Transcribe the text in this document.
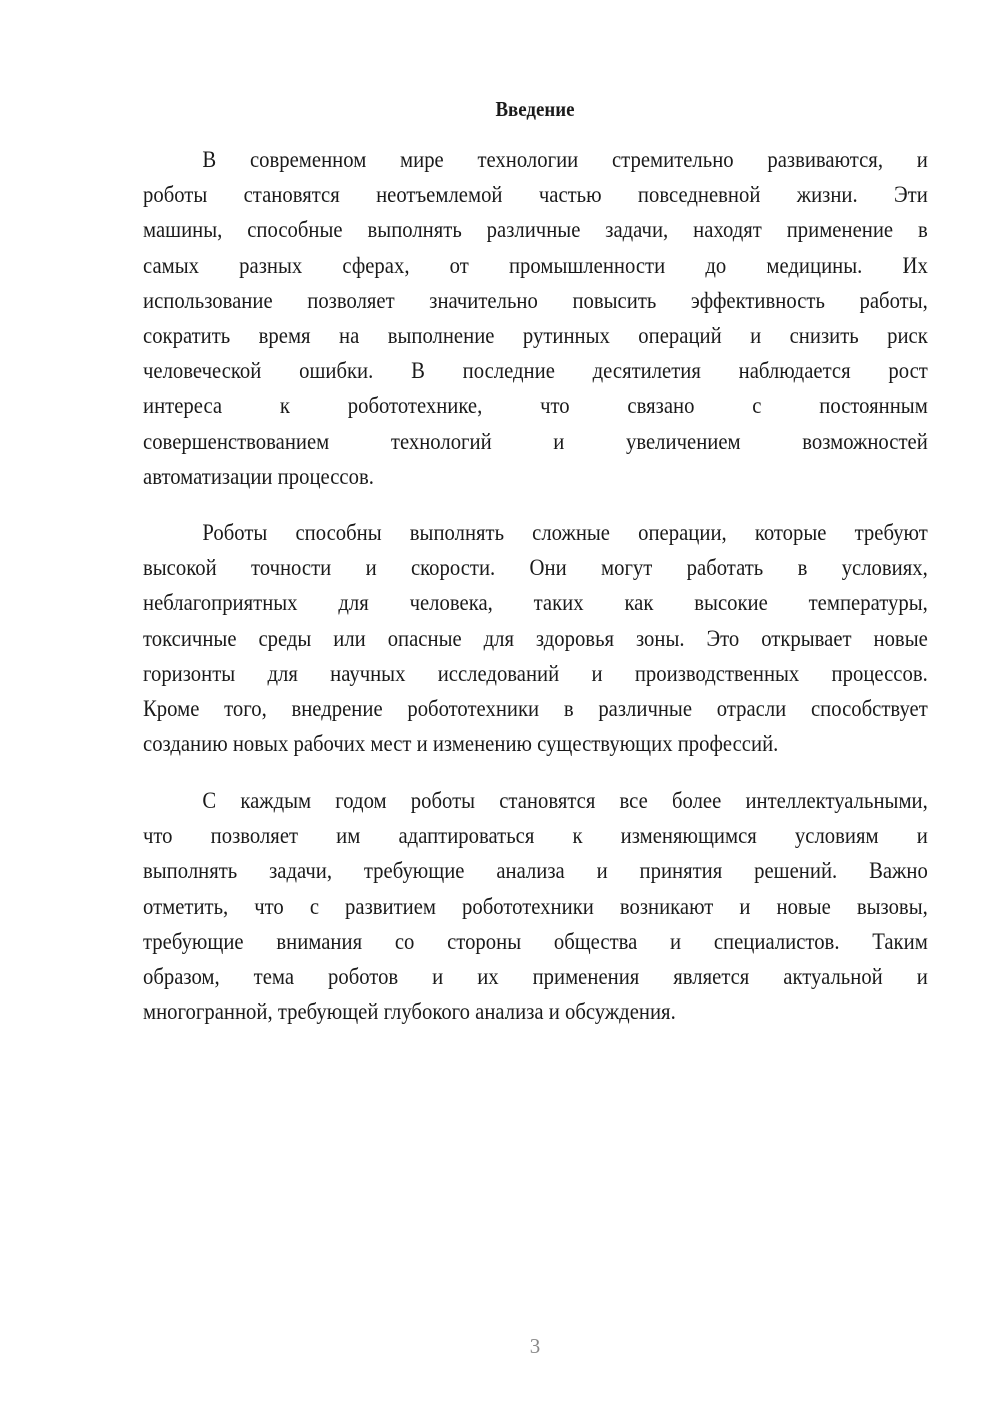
Введение
В современном мире технологии стремительно развиваются, и
роботы становятся неотъемлемой частью повседневной жизни. Эти
машины, способные выполнять различные задачи, находят применение в
самых разных сферах, от промышленности до медицины. Их
использование позволяет значительно повысить эффективность работы,
сократить время на выполнение рутинных операций и снизить риск
человеческой ошибки. В последние десятилетия наблюдается рост
интереса к робототехнике, что связано с постоянным
совершенствованием технологий и увеличением возможностей
автоматизации процессов.
Роботы способны выполнять сложные операции, которые требуют
высокой точности и скорости. Они могут работать в условиях,
неблагоприятных для человека, таких как высокие температуры,
токсичные среды или опасные для здоровья зоны. Это открывает новые
горизонты для научных исследований и производственных процессов.
Кроме того, внедрение робототехники в различные отрасли способствует
созданию новых рабочих мест и изменению существующих профессий.
С каждым годом роботы становятся все более интеллектуальными,
что позволяет им адаптироваться к изменяющимся условиям и
выполнять задачи, требующие анализа и принятия решений. Важно
отметить, что с развитием робототехники возникают и новые вызовы,
требующие внимания со стороны общества и специалистов. Таким
образом, тема роботов и их применения является актуальной и
многогранной, требующей глубокого анализа и обсуждения.
3
